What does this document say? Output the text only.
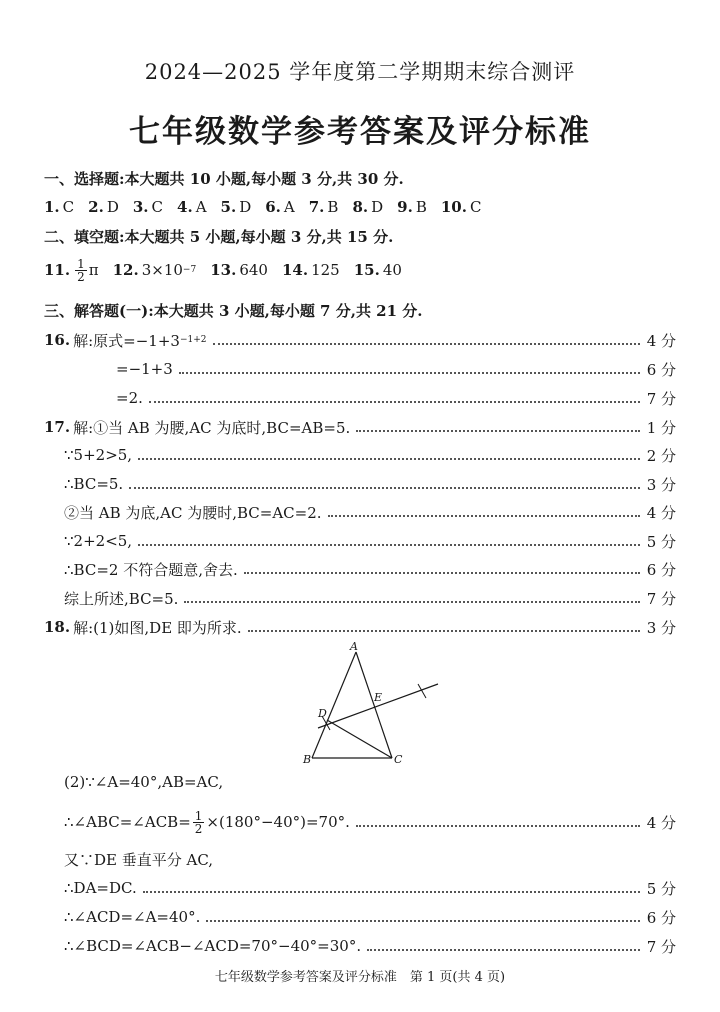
2024—2025 学年度第二学期期末综合测评
七年级数学参考答案及评分标准
一、选择题:本大题共 10 小题,每小题 3 分,共 30 分.
1. C 2. D 3. C 4. A 5. D 6. A 7. B 8. D 9. B 10. C
二、填空题:本大题共 5 小题,每小题 3 分,共 15 分.
11. $\frac{1}{2}$ π 12. 3×10 −7 13. 640 14. 125 15. 40
三、解答题(一):本大题共 3 小题,每小题 7 分,共 21 分.
16. 解:原式=−1+3 −1+2	4 分
=−1+3	6 分
=2.	7 分
17. 解:①当 AB 为腰,AC 为底时,BC=AB=5.	1 分
∵5+2>5,	2 分
∴BC=5.	3 分
②当 AB 为底,AC 为腰时,BC=AC=2.	4 分
∵2+2<5,	5 分
∴BC=2 不符合题意,舍去.	6 分
综上所述,BC=5.	7 分
18. 解:(1)如图,DE 即为所求.	3 分
A
B	C
D
E
(2)∵∠A=40°,AB=AC,
∴∠ABC=∠ACB= $\frac{1}{2} \times(180^\circ-40^\circ)=70^\circ$.	4 分
又∵DE 垂直平分 AC,
∴DA=DC.	5 分
∴∠ACD=∠A=40°.	6 分
∴∠BCD=∠ACB−∠ACD=70°−40°=30°.	7 分
七年级数学参考答案及评分标准　第 1 页(共 4 页)
